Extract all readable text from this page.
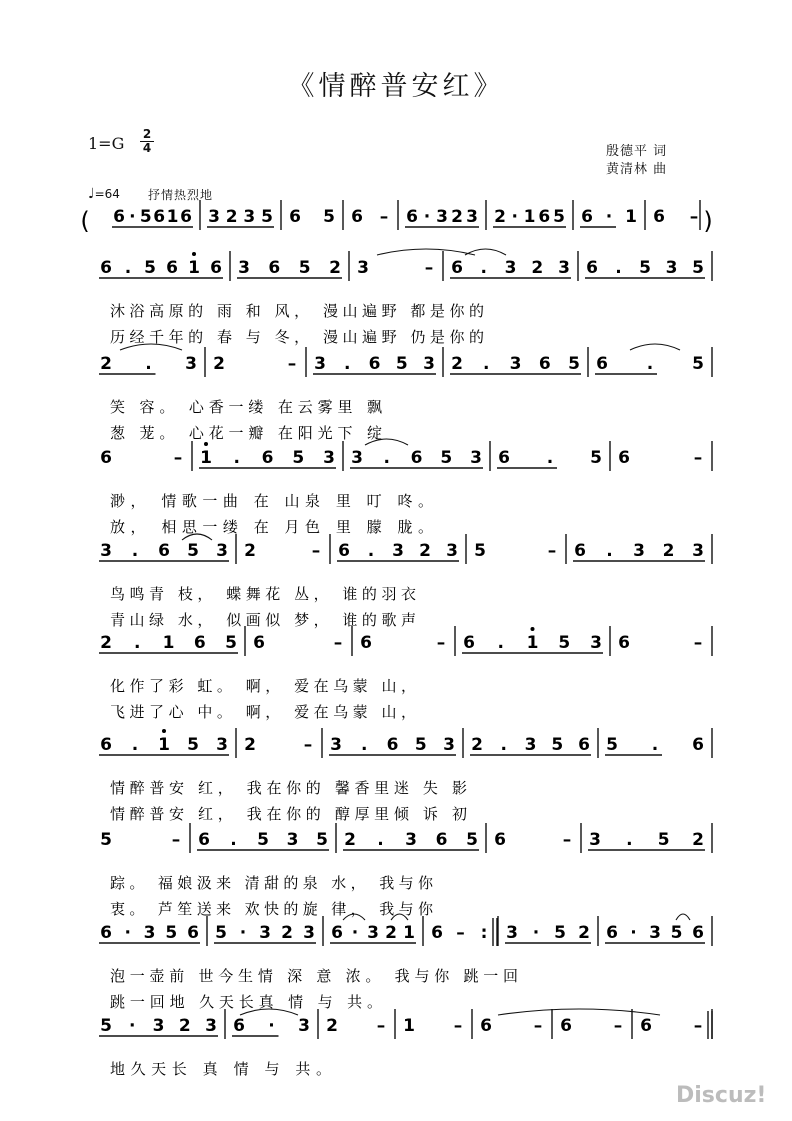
《情醉普安红》
$1=G \frac{2}{4}$	殷德平 词
黄清林 曲
♩=64 抒情热烈地
(	)
6 · 5 6 1 6 3 2 3 5 6 5 6 – 6 · 3 2 3 2 · 1 6 5 6 · 1 6 –
6 . 5 6 1 6 3 6 5 2 3	– 6 . 3 2 3 6 . 5 3 5
沐浴高原的 雨 和 风， 漫山遍野 都是你的
历经千年的 春 与 冬， 漫山遍野 仍是你的
2 . 3 2	– 3 . 6 5 3 2 . 3 6 5 6 . 5
笑 容。 心香一缕 在云雾里 飘
葱 茏。 心花一瓣 在阳光下 绽
6	– 1 . 6 5 3 3 . 6 5 3 6 . 5 6	–
渺， 情歌一曲 在 山泉 里 叮 咚。
放， 相思一缕 在 月色 里 朦 胧。
3 . 6 5 3 2	– 6 . 3 2 3 5	– 6 . 3 2 3
鸟鸣青 枝， 蝶舞花 丛， 谁的羽衣
青山绿 水， 似画似 梦， 谁的歌声
2 . 1 6 5 6	– 6	– 6 . 1 5 3 6	–
化作了彩 虹。 啊， 爱在乌蒙 山，
飞进了心 中。 啊， 爱在乌蒙 山，
6 . 1 5 3 2	– 3 . 6 5 3 2 . 3 5 6 5 . 6
情醉普安 红， 我在你的 馨香里迷 失 影
情醉普安 红， 我在你的 醇厚里倾 诉 初
5	– 6 . 5 3 5 2 . 3 6 5 6	– 3 . 5 2
踪。 福娘汲来 清甜的泉 水， 我与你
衷。 芦笙送来 欢快的旋 律， 我与你
6 · 3 5 6 5 · 3 2 3 6 · 3 2 1 6 – : 3 · 5 2 6 · 3 5 6
泡一壶前 世今生情 深 意 浓。 我与你 跳一回
跳一回地 久天长真 情 与 共。
5 · 3 2 3 6 · 3 2 – 1 – 6 – 6 – 6 –
地久天长 真 情 与 共。
Discuz!
